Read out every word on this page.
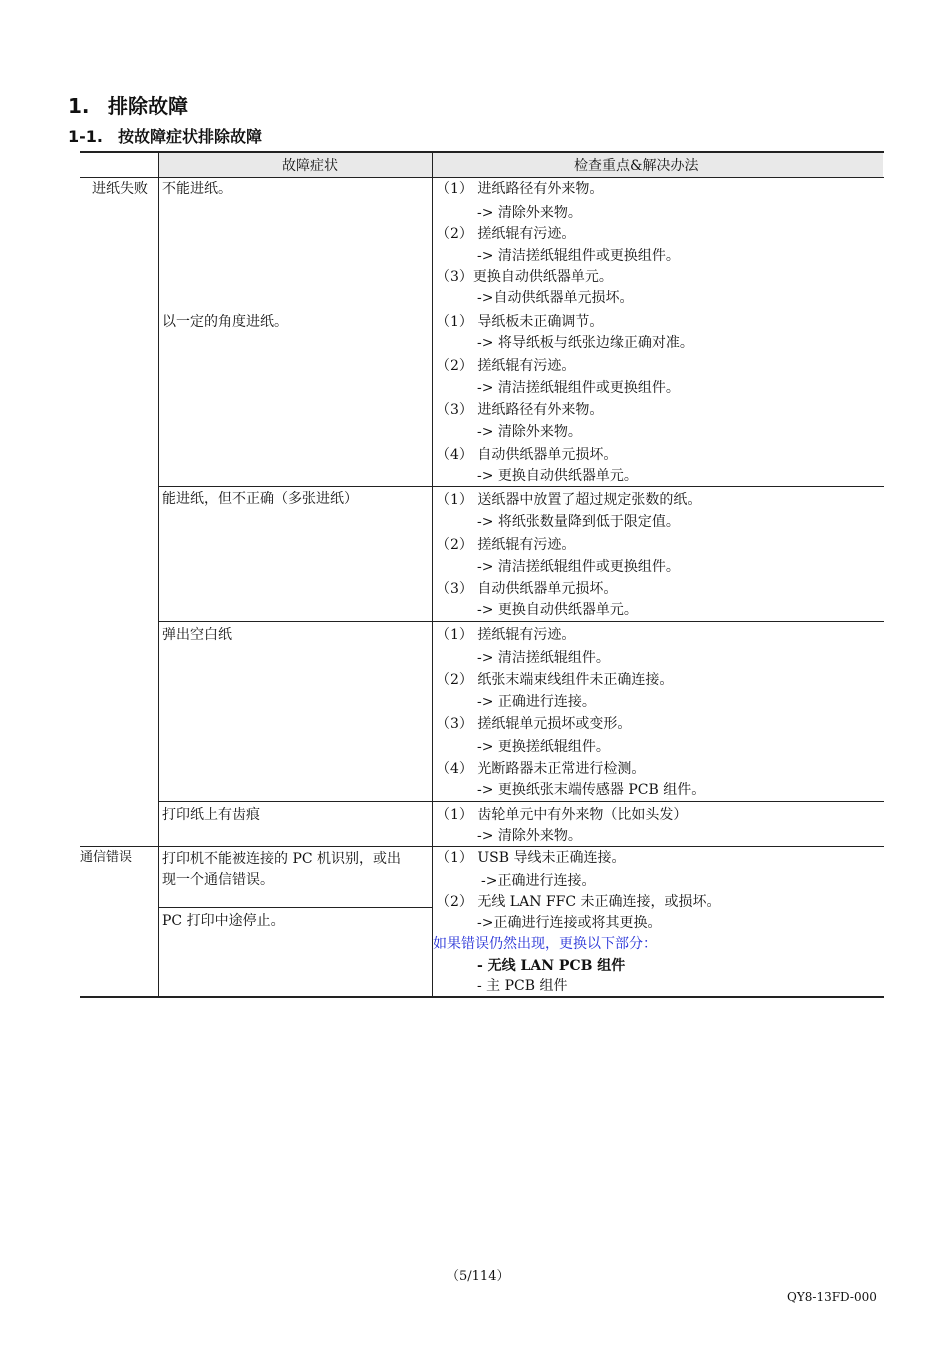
1. 排除故障
1-1. 按故障症状排除故障
故障症状	检查重点&解决办法
进纸失败
通信错误
不能进纸。
以一定的角度进纸。
能进纸，但不正确（多张进纸）
弹出空白纸
打印纸上有齿痕
打印机不能被连接的 PC 机识别，或出
现一个通信错误。
PC 打印中途停止。
（1） 进纸路径有外来物。
-> 清除外来物。
（2） 搓纸辊有污迹。
-> 清洁搓纸辊组件或更换组件。
（3）更换自动供纸器单元。
->自动供纸器单元损坏。
（1） 导纸板未正确调节。
-> 将导纸板与纸张边缘正确对准。
（2） 搓纸辊有污迹。
-> 清洁搓纸辊组件或更换组件。
（3） 进纸路径有外来物。
-> 清除外来物。
（4） 自动供纸器单元损坏。
-> 更换自动供纸器单元。
（1） 送纸器中放置了超过规定张数的纸。
-> 将纸张数量降到低于限定值。
（2） 搓纸辊有污迹。
-> 清洁搓纸辊组件或更换组件。
（3） 自动供纸器单元损坏。
-> 更换自动供纸器单元。
（1） 搓纸辊有污迹。
-> 清洁搓纸辊组件。
（2） 纸张末端束线组件未正确连接。
-> 正确进行连接。
（3） 搓纸辊单元损坏或变形。
-> 更换搓纸辊组件。
（4） 光断路器未正常进行检测。
-> 更换纸张末端传感器 PCB 组件。
（1） 齿轮单元中有外来物（比如头发）
-> 清除外来物。
（1） USB 导线未正确连接。
->正确进行连接。
（2） 无线 LAN FFC 未正确连接，或损坏。
->正确进行连接或将其更换。
如果错误仍然出现，更换以下部分：
- 无线 LAN PCB 组件
- 主 PCB 组件
（5/114）
QY8-13FD-000
